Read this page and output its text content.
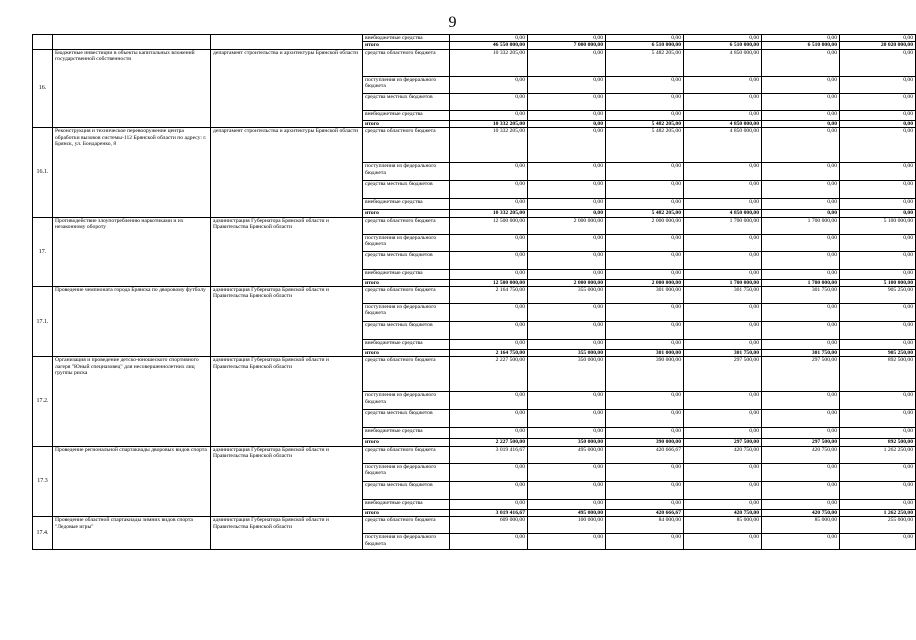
9
			внебюджетные средства	0,00	0,00	0,00	0,00	0,00	0,00
			итого	46 550 000,00	7 000 000,00	6 510 000,00	6 510 000,00	6 510 000,00	20 020 000,00
16.	Бюджетные инвестиции в объекты капитальных вложений государственной собственности	департамент строительства и архитектуры Брянской области	средства областного бюджета	10 332 205,00	0,00	5 482 205,00	4 850 000,00	0,00	0,00
			поступления из федерального бюджета	0,00	0,00	0,00	0,00	0,00	0,00
			средства местных бюджетов	0,00	0,00	0,00	0,00	0,00	0,00
			внебюджетные средства	0,00	0,00	0,00	0,00	0,00	0,00
			итого	10 332 205,00	0,00	5 482 205,00	4 850 000,00	0,00	0,00
16.1.	Реконструкция и техническое перевооружение центра обработки вызовов системы-112 Брянской области по адресу: г. Брянск, ул. Бондаренко, 8	департамент строительства и архитектуры Брянской области	средства областного бюджета	10 332 205,00	0,00	5 482 205,00	4 850 000,00	0,00	0,00
			поступления из федерального бюджета	0,00	0,00	0,00	0,00	0,00	0,00
			средства местных бюджетов	0,00	0,00	0,00	0,00	0,00	0,00
			внебюджетные средства	0,00	0,00	0,00	0,00	0,00	0,00
			итого	10 332 205,00	0,00	5 482 205,00	4 850 000,00	0,00	0,00
17.	Противодействие злоупотреблению наркотиками и их незаконному обороту	администрация Губернатора Брянской области и Правительства Брянской области	средства областного бюджета	12 500 000,00	2 000 000,00	2 000 000,00	1 700 000,00	1 700 000,00	5 100 000,00
			поступления из федерального бюджета	0,00	0,00	0,00	0,00	0,00	0,00
			средства местных бюджетов	0,00	0,00	0,00	0,00	0,00	0,00
			внебюджетные средства	0,00	0,00	0,00	0,00	0,00	0,00
			итого	12 500 000,00	2 000 000,00	2 000 000,00	1 700 000,00	1 700 000,00	5 100 000,00
17.1.	Проведение чемпионата города Брянска по дворовому футболу	администрация Губернатора Брянской области и Правительства Брянской области	средства областного бюджета	2 164 750,00	355 000,00	301 000,00	301 750,00	301 750,00	905 250,00
			поступления из федерального бюджета	0,00	0,00	0,00	0,00	0,00	0,00
			средства местных бюджетов	0,00	0,00	0,00	0,00	0,00	0,00
			внебюджетные средства	0,00	0,00	0,00	0,00	0,00	0,00
			итого	2 164 750,00	355 000,00	301 000,00	301 750,00	301 750,00	905 250,00
17.2.	Организация и проведение детско-юношеского спортивного лагеря "Юный спецназовец" для несовершеннолетних лиц группы риска	администрация Губернатора Брянской области и Правительства Брянской области	средства областного бюджета	2 227 500,00	350 000,00	390 000,00	297 500,00	297 500,00	892 500,00
			поступления из федерального бюджета	0,00	0,00	0,00	0,00	0,00	0,00
			средства местных бюджетов	0,00	0,00	0,00	0,00	0,00	0,00
			внебюджетные средства	0,00	0,00	0,00	0,00	0,00	0,00
			итого	2 227 500,00	350 000,00	390 000,00	297 500,00	297 500,00	892 500,00
17.3	Проведение региональной спартакиады дворовых видов спорта	администрация Губернатора Брянской области и Правительства Брянской области	средства областного бюджета	3 019 416,67	495 000,00	420 666,67	420 750,00	420 750,00	1 262 250,00
			поступления из федерального бюджета	0,00	0,00	0,00	0,00	0,00	0,00
			средства местных бюджетов	0,00	0,00	0,00	0,00	0,00	0,00
			внебюджетные средства	0,00	0,00	0,00	0,00	0,00	0,00
			итого	3 019 416,67	495 000,00	420 666,67	420 750,00	420 750,00	1 262 250,00
17.4.	Проведение областной спартакиады зимних видов спорта "Ледовые игры"	администрация Губернатора Брянской области и Правительства Брянской области	средства областного бюджета	609 000,00	100 000,00	84 000,00	85 000,00	85 000,00	255 000,00
			поступления из федерального бюджета	0,00	0,00	0,00	0,00	0,00	0,00
